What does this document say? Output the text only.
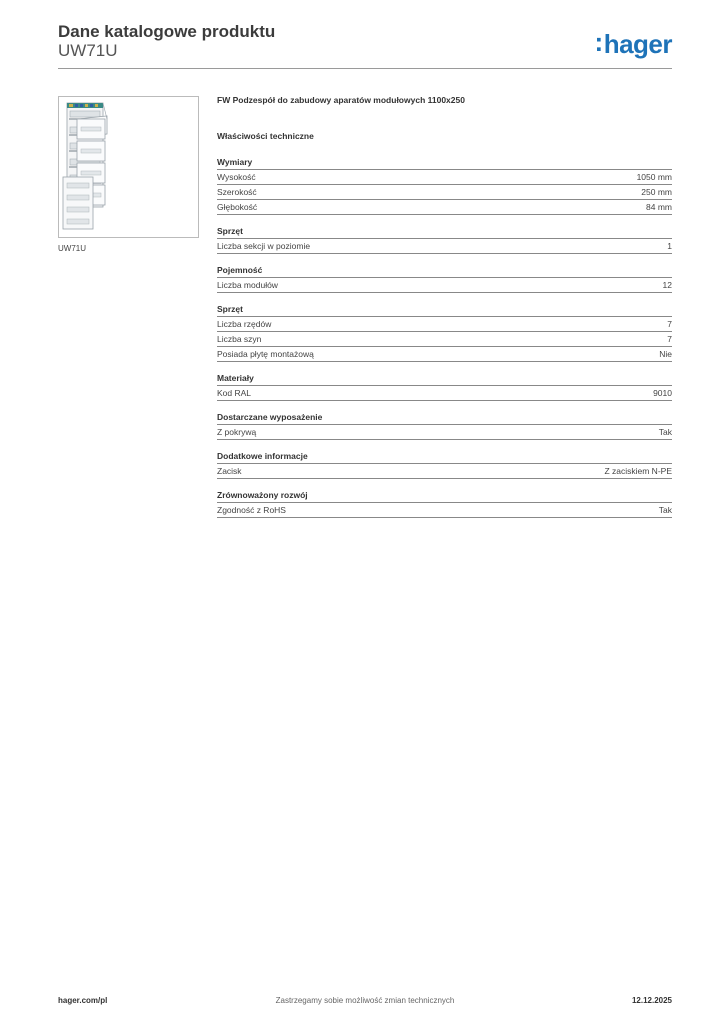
Dane katalogowe produktu
UW71U	:hager
UW71U
FW Podzespół do zabudowy aparatów modułowych 1100x250
Właściwości techniczne
Wymiary
Wysokość	1050 mm
Szerokość	250 mm
Głębokość	84 mm
Sprzęt
Liczba sekcji w poziomie	1
Pojemność
Liczba modułów	12
Sprzęt
Liczba rzędów	7
Liczba szyn	7
Posiada płytę montażową	Nie
Materiały
Kod RAL	9010
Dostarczane wyposażenie
Z pokrywą	Tak
Dodatkowe informacje
Zacisk	Z zaciskiem N-PE
Zrównoważony rozwój
Zgodność z RoHS	Tak
Zastrzegamy sobie możliwość zmian technicznych
hager.com/pl	12.12.2025
